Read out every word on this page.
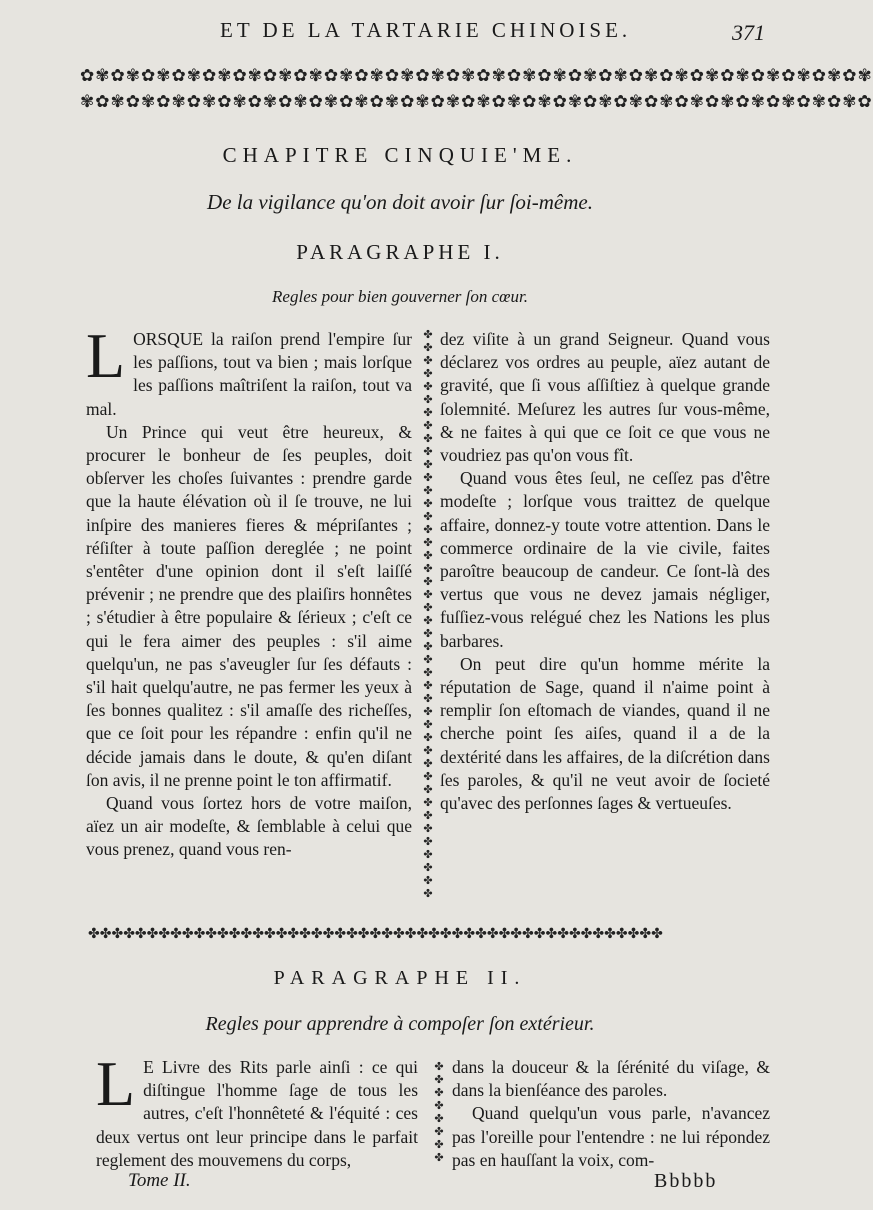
ET DE LA TARTARIE CHINOISE.	371
✿✾✿✾✿✾✿✾✿✾✿✾✿✾✿✾✿✾✿✾✿✾✿✾✿✾✿✾✿✾✿✾✿✾✿✾✿✾✿✾✿✾✿✾✿✾✿✾✿✾✿✾
✾✿✾✿✾✿✾✿✾✿✾✿✾✿✾✿✾✿✾✿✾✿✾✿✾✿✾✿✾✿✾✿✾✿✾✿✾✿✾✿✾✿✾✿✾✿✾✿✾✿✾✿
CHAPITRE CINQUIE'ME.
De la vigilance qu'on doit avoir ſur ſoi-même.
PARAGRAPHE I.
Regles pour bien gouverner ſon cœur.

LORSQUE la raiſon prend l'empire ſur les paſſions, tout va bien ; mais lorſque les paſſions maîtriſent la raiſon, tout va mal.

Un Prince qui veut être heureux, & procurer le bonheur de ſes peuples, doit obſerver les choſes ſuivantes : prendre garde que la haute élévation où il ſe trouve, ne lui inſpire des manieres fieres & mépriſantes ; réſiſter à toute paſſion dereglée ; ne point s'entêter d'une opinion dont il s'eſt laiſſé prévenir ; ne prendre que des plaiſirs honnêtes ; s'étudier à être populaire & ſérieux ; c'eſt ce qui le fera aimer des peuples : s'il aime quelqu'un, ne pas s'aveugler ſur ſes défauts : s'il hait quelqu'autre, ne pas fermer les yeux à ſes bonnes qualitez : s'il amaſſe des richeſſes, que ce ſoit pour les répandre : enfin qu'il ne décide jamais dans le doute, & qu'en diſant ſon avis, il ne prenne point le ton affirmatif.

Quand vous ſortez hors de votre maiſon, aïez un air modeſte, & ſemblable à celui que vous prenez, quand vous ren-

✤
✤
✤
✤
✤
✤
✤
✤
✤
✤
✤
✤
✤
✤
✤
✤
✤
✤
✤
✤
✤
✤
✤
✤
✤
✤
✤
✤
✤
✤
✤
✤
✤
✤
✤
✤
✤
✤
✤
✤
✤
✤
✤
✤

dez viſite à un grand Seigneur. Quand vous déclarez vos ordres au peuple, aïez autant de gravité, que ſi vous aſſiſtiez à quelque grande ſolemnité. Meſurez les autres ſur vous-même, & ne faites à qui que ce ſoit ce que vous ne voudriez pas qu'on vous fît.

Quand vous êtes ſeul, ne ceſſez pas d'être modeſte ; lorſque vous traittez de quelque affaire, donnez-y toute votre attention. Dans le commerce ordinaire de la vie civile, faites paroître beaucoup de candeur. Ce ſont-là des vertus que vous ne devez jamais négliger, fuſſiez-vous relégué chez les Nations les plus barbares.

On peut dire qu'un homme mérite la réputation de Sage, quand il n'aime point à remplir ſon eſtomach de viandes, quand il ne cherche point ſes aiſes, quand il a de la dextérité dans les affaires, de la diſcrétion dans ſes paroles, & qu'il ne veut avoir de ſocieté qu'avec des perſonnes ſages & vertueuſes.

✤✤✤✤✤✤✤✤✤✤✤✤✤✤✤✤✤✤✤✤✤✤✤✤✤✤✤✤✤✤✤✤✤✤✤✤✤✤✤✤✤✤✤✤✤✤✤✤✤
PARAGRAPHE II.
Regles pour apprendre à compoſer ſon extérieur.

L E Livre des Rits parle ainſi : ce qui diſtingue l'homme ſage de tous les autres, c'eſt l'honnêteté & l'équité : ces deux vertus ont leur principe dans le parfait reglement des mouvemens du corps,

✤
✤
✤
✤
✤
✤
✤
✤

dans la douceur & la ſérénité du viſage, & dans la bienſéance des paroles.

Quand quelqu'un vous parle, n'avancez pas l'oreille pour l'entendre : ne lui répondez pas en hauſſant la voix, com-

Tome II.	Bbbbb
